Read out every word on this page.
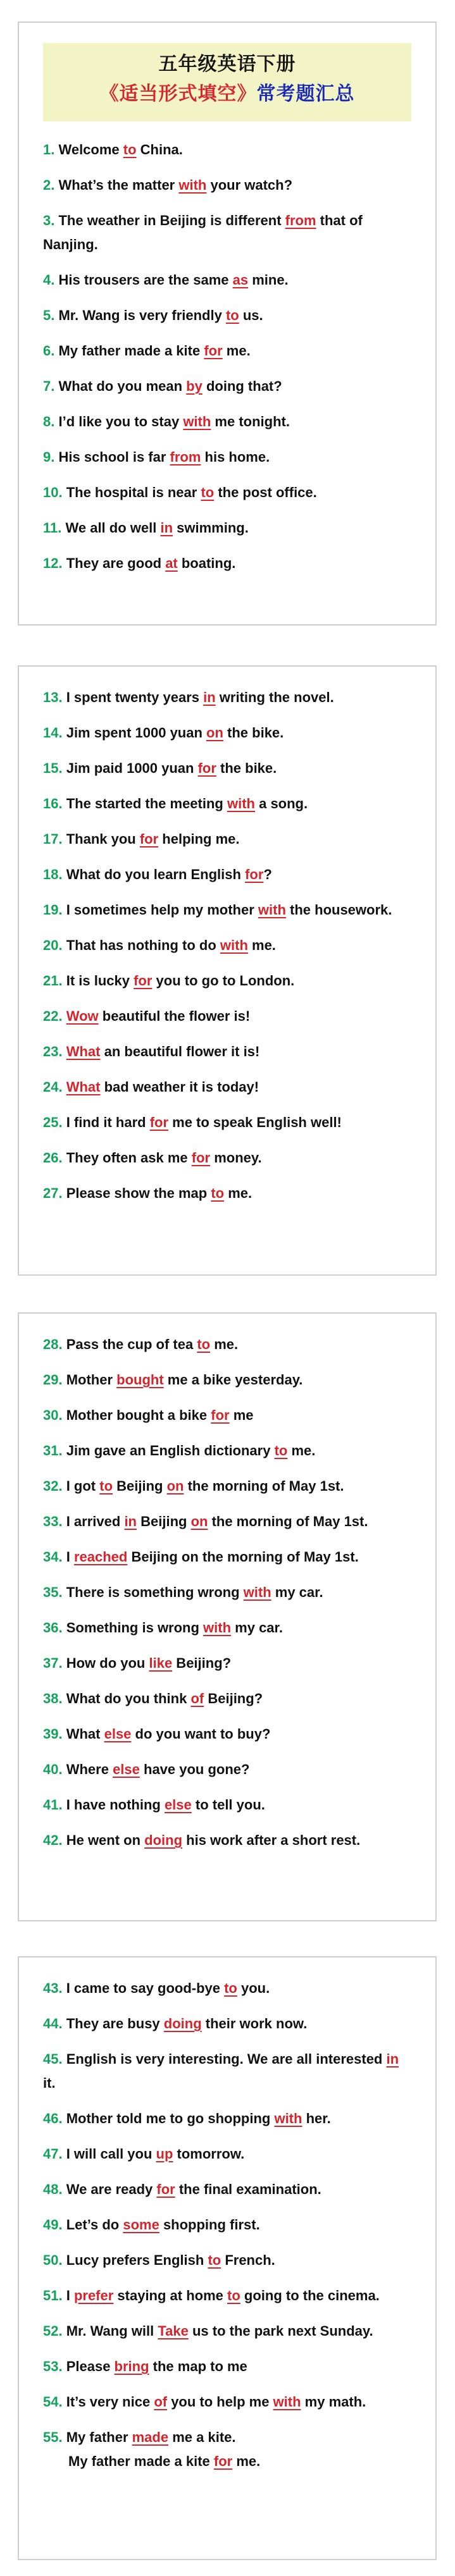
五年级英语下册
《适当形式填空》常考题汇总
1. Welcome to China.
2. What’s the matter with your watch?
3. The weather in Beijing is different from that of Nanjing.
4. His trousers are the same as mine.
5. Mr. Wang is very friendly to us.
6. My father made a kite for me.
7. What do you mean by doing that?
8. I’d like you to stay with me tonight.
9. His school is far from his home.
10. The hospital is near to the post office.
11. We all do well in swimming.
12. They are good at boating.
13. I spent twenty years in writing the novel.
14. Jim spent 1000 yuan on the bike.
15. Jim paid 1000 yuan for the bike.
16. The started the meeting with a song.
17. Thank you for helping me.
18. What do you learn English for?
19. I sometimes help my mother with the housework.
20. That has nothing to do with me.
21. It is lucky for you to go to London.
22. Wow beautiful the flower is!
23. What an beautiful flower it is!
24. What bad weather it is today!
25. I find it hard for me to speak English well!
26. They often ask me for money.
27. Please show the map to me.
28. Pass the cup of tea to me.
29. Mother bought me a bike yesterday.
30. Mother bought a bike for me
31. Jim gave an English dictionary to me.
32. I got to Beijing on the morning of May 1st.
33. I arrived in Beijing on the morning of May 1st.
34. I reached Beijing on the morning of May 1st.
35. There is something wrong with my car.
36. Something is wrong with my car.
37. How do you like Beijing?
38. What do you think of Beijing?
39. What else do you want to buy?
40. Where else have you gone?
41. I have nothing else to tell you.
42. He went on doing his work after a short rest.
43. I came to say good-bye to you.
44. They are busy doing their work now.
45. English is very interesting. We are all interested in it.
46. Mother told me to go shopping with her.
47. I will call you up tomorrow.
48. We are ready for the final examination.
49. Let’s do some shopping first.
50. Lucy prefers English to French.
51. I prefer staying at home to going to the cinema.
52. Mr. Wang will Take us to the park next Sunday.
53. Please bring the map to me
54. It’s very nice of you to help me with my math.
55. My father made me a kite.
My father made a kite for me.
